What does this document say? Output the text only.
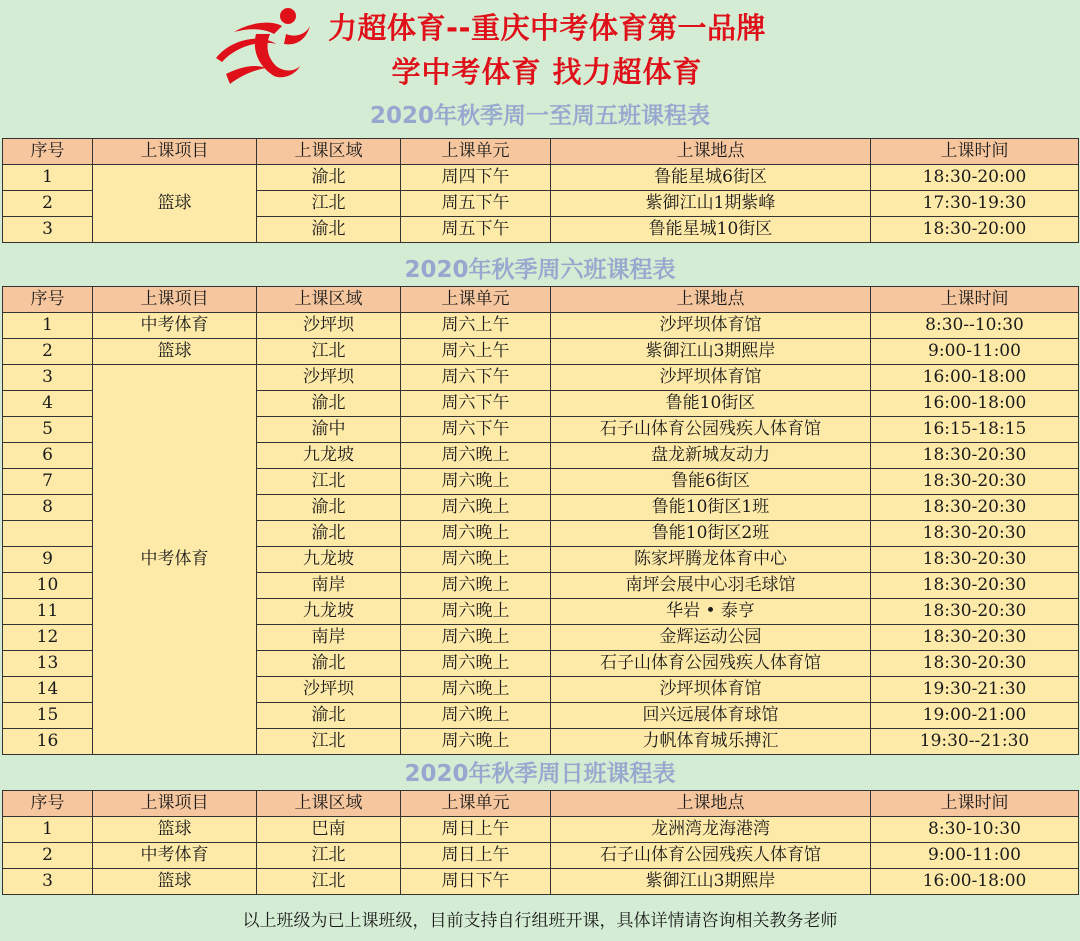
力超体育--重庆中考体育第一品牌
学中考体育 找力超体育
2020年秋季周一至周五班课程表
序号	上课项目	上课区域	上课单元	上课地点	上课时间
1	篮球	渝北	周四下午	鲁能星城6街区	18:30-20:00
2		江北	周五下午	紫御江山1期紫峰	17:30-19:30
3		渝北	周五下午	鲁能星城10街区	18:30-20:00
2020年秋季周六班课程表
序号	上课项目	上课区域	上课单元	上课地点	上课时间
1	中考体育	沙坪坝	周六上午	沙坪坝体育馆	8:30--10:30
2	篮球	江北	周六上午	紫御江山3期熙岸	9:00-11:00
3	中考体育	沙坪坝	周六下午	沙坪坝体育馆	16:00-18:00
4		渝北	周六下午	鲁能10街区	16:00-18:00
5		渝中	周六下午	石子山体育公园残疾人体育馆	16:15-18:15
6		九龙坡	周六晚上	盘龙新城友动力	18:30-20:30
7		江北	周六晚上	鲁能6街区	18:30-20:30
8		渝北	周六晚上	鲁能10街区1班	18:30-20:30
		渝北	周六晚上	鲁能10街区2班	18:30-20:30
9		九龙坡	周六晚上	陈家坪腾龙体育中心	18:30-20:30
10		南岸	周六晚上	南坪会展中心羽毛球馆	18:30-20:30
11		九龙坡	周六晚上	华岩 • 泰亨	18:30-20:30
12		南岸	周六晚上	金辉运动公园	18:30-20:30
13		渝北	周六晚上	石子山体育公园残疾人体育馆	18:30-20:30
14		沙坪坝	周六晚上	沙坪坝体育馆	19:30-21:30
15		渝北	周六晚上	回兴远展体育球馆	19:00-21:00
16		江北	周六晚上	力帆体育城乐搏汇	19:30--21:30
2020年秋季周日班课程表
序号	上课项目	上课区域	上课单元	上课地点	上课时间
1	篮球	巴南	周日上午	龙洲湾龙海港湾	8:30-10:30
2	中考体育	江北	周日上午	石子山体育公园残疾人体育馆	9:00-11:00
3	篮球	江北	周日下午	紫御江山3期熙岸	16:00-18:00
以上班级为已上课班级，目前支持自行组班开课，具体详情请咨询相关教务老师
